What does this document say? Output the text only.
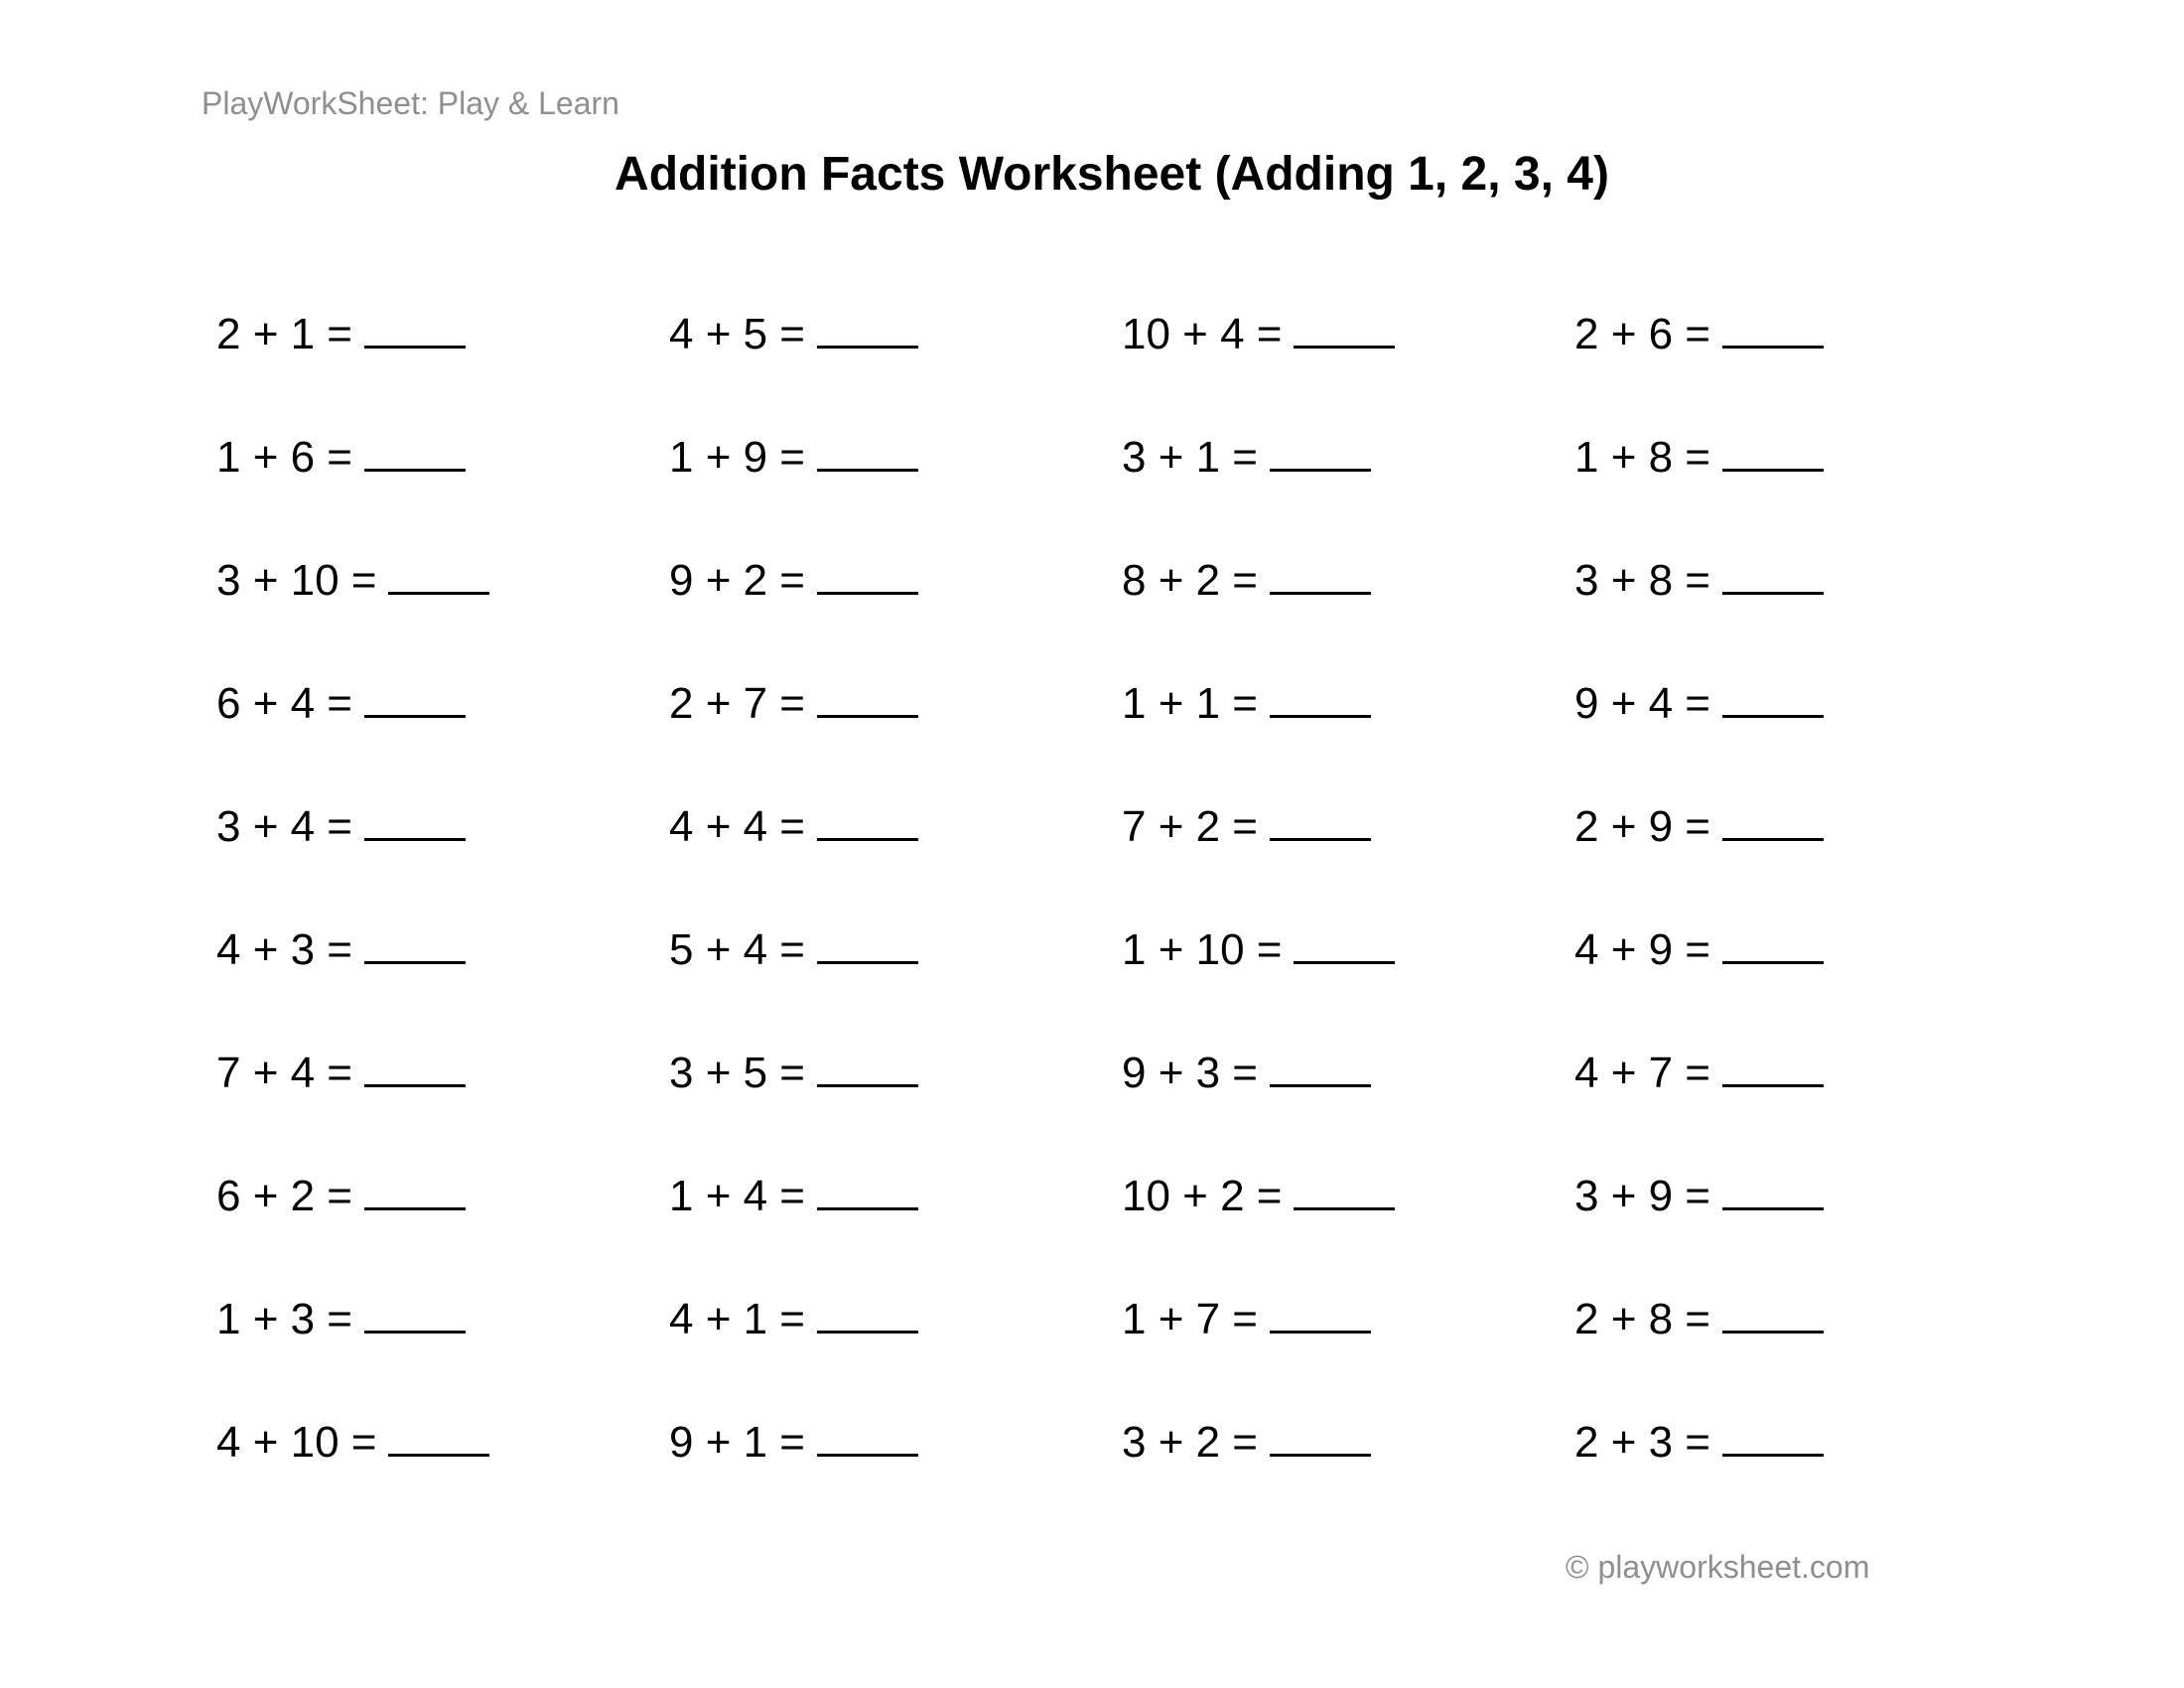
PlayWorkSheet: Play & Learn
Addition Facts Worksheet (Adding 1, 2, 3, 4)
2 + 1 =
1 + 6 =
3 + 10 =
6 + 4 =
3 + 4 =
4 + 3 =
7 + 4 =
6 + 2 =
1 + 3 =
4 + 10 =
4 + 5 =
1 + 9 =
9 + 2 =
2 + 7 =
4 + 4 =
5 + 4 =
3 + 5 =
1 + 4 =
4 + 1 =
9 + 1 =
10 + 4 =
3 + 1 =
8 + 2 =
1 + 1 =
7 + 2 =
1 + 10 =
9 + 3 =
10 + 2 =
1 + 7 =
3 + 2 =
2 + 6 =
1 + 8 =
3 + 8 =
9 + 4 =
2 + 9 =
4 + 9 =
4 + 7 =
3 + 9 =
2 + 8 =
2 + 3 =
© playworksheet.com
